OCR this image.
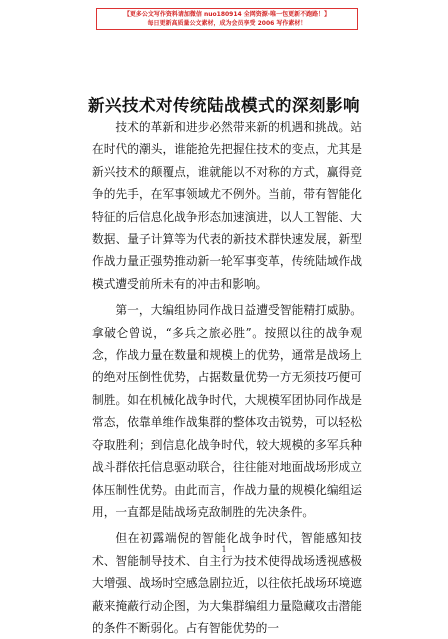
【更多公文写作资料请加微信 nuo180914 全网资源·唯一包更新不跑路！】
每日更新高质量公文素材，成为会员享受 2006 写作素材！
新兴技术对传统陆战模式的深刻影响

技术的革新和进步必然带来新的机遇和挑战。站在时代的潮头，谁能抢先把握住技术的变点，尤其是新兴技术的颠覆点，谁就能以不对称的方式，赢得竞争的先手，在军事领域尤不例外。当前，带有智能化特征的后信息化战争形态加速演进，以人工智能、大数据、量子计算等为代表的新技术群快速发展，新型作战力量正强势推动新一轮军事变革，传统陆域作战模式遭受前所未有的冲击和影响。

第一，大编组协同作战日益遭受智能精打威胁。拿破仑曾说，“多兵之旅必胜”。按照以往的战争观念，作战力量在数量和规模上的优势，通常是战场上的绝对压倒性优势，占据数量优势一方无须技巧便可制胜。如在机械化战争时代，大规模军团协同作战是常态，依靠单维作战集群的整体攻击锐势，可以轻松夺取胜利；到信息化战争时代，较大规模的多军兵种战斗群依托信息驱动联合，往往能对地面战场形成立体压制性优势。由此而言，作战力量的规模化编组运用，一直都是陆战场克敌制胜的先决条件。

但在初露端倪的智能化战争时代，智能感知技术、智能制导技术、自主行为技术使得战场透视感极大增强、战场时空感急剧拉近，以往依托战场环境遮蔽来掩蔽行动企图，为大集群编组力量隐藏攻击潜能的条件不断弱化。占有智能优势的一

1
